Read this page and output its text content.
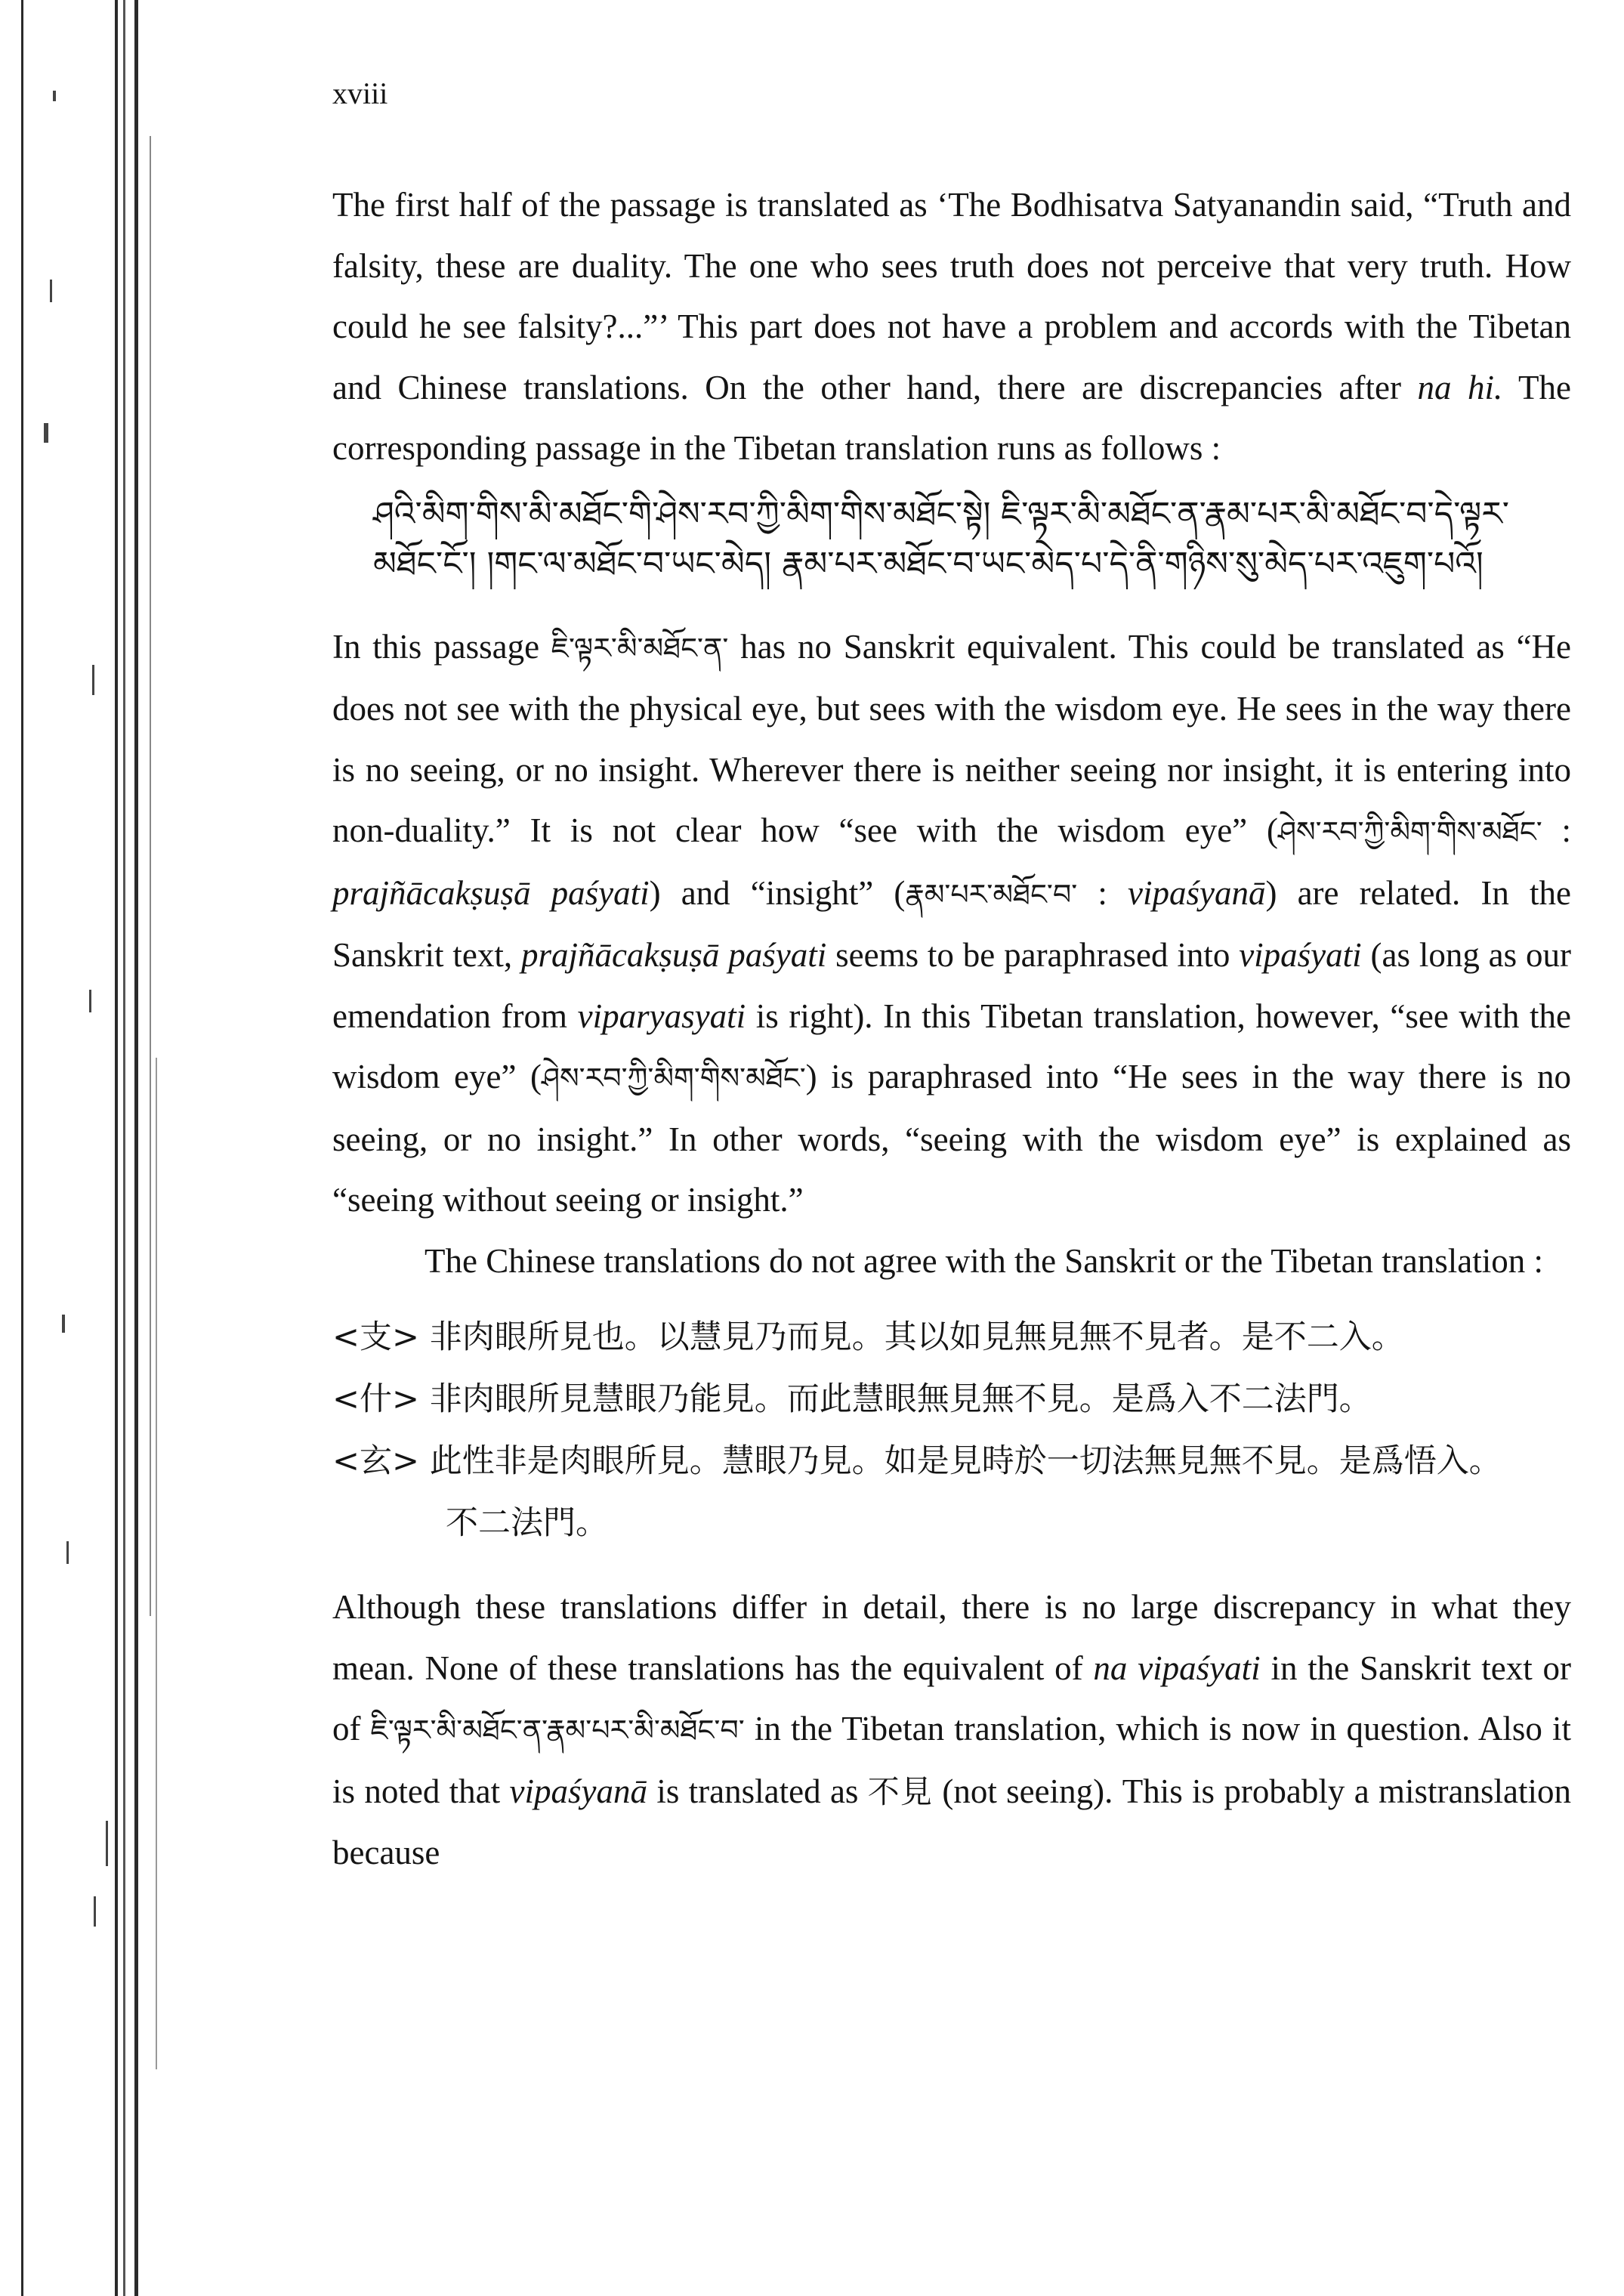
xviii

The first half of the passage is translated as ‘The Bodhisatva Satyanandin said, “Truth and falsity, these are duality. The one who sees truth does not perceive that very truth. How could he see falsity?...”’ This part does not have a problem and accords with the Tibetan and Chinese translations. On the other hand, there are discrepancies after na hi. The corresponding passage in the Tibetan translation runs as follows :

ཤའི་མིག་གིས་མི་མཐོང་གི་ཤེས་རབ་ཀྱི་མིག་གིས་མཐོང་སྟེ། ཇི་ལྟར་མི་མཐོང་ན་རྣམ་པར་མི་མཐོང་བ་དེ་ལྟར་
མཐོང་ངོ་། །གང་ལ་མཐོང་བ་ཡང་མེད། རྣམ་པར་མཐོང་བ་ཡང་མེད་པ་དེ་ནི་གཉིས་སུ་མེད་པར་འཇུག་པའོ།

In this passage ཇི་ལྟར་མི་མཐོང་ན་ has no Sanskrit equivalent. This could be translated as “He does not see with the physical eye, but sees with the wisdom eye. He sees in the way there is no seeing, or no insight. Wherever there is neither seeing nor insight, it is entering into non-duality.” It is not clear how “see with the wisdom eye” (ཤེས་རབ་ཀྱི་མིག་གིས་མཐོང་ : prajñācakṣuṣā paśyati) and “insight” (རྣམ་པར་མཐོང་བ་ : vipaśyanā) are related. In the Sanskrit text, prajñācakṣuṣā paśyati seems to be paraphrased into vipaśyati (as long as our emendation from viparyasyati is right). In this Tibetan translation, however, “see with the wisdom eye” (ཤེས་རབ་ཀྱི་མིག་གིས་མཐོང་) is paraphrased into “He sees in the way there is no seeing, or no insight.” In other words, “seeing with the wisdom eye” is explained as “seeing without seeing or insight.”

The Chinese translations do not agree with the Sanskrit or the Tibetan translation :

<支> 非肉眼所見也。以慧見乃而見。其以如見無見無不見者。是不二入。
<什> 非肉眼所見慧眼乃能見。而此慧眼無見無不見。是爲入不二法門。
<玄> 此性非是肉眼所見。慧眼乃見。如是見時於一切法無見無不見。是爲悟入。
不二法門。

Although these translations differ in detail, there is no large discrepancy in what they mean. None of these translations has the equivalent of na vipaśyati in the Sanskrit text or of ཇི་ལྟར་མི་མཐོང་ན་རྣམ་པར་མི་མཐོང་བ་ in the Tibetan translation, which is now in question. Also it is noted that vipaśyanā is translated as 不見 (not seeing). This is probably a mistranslation because
